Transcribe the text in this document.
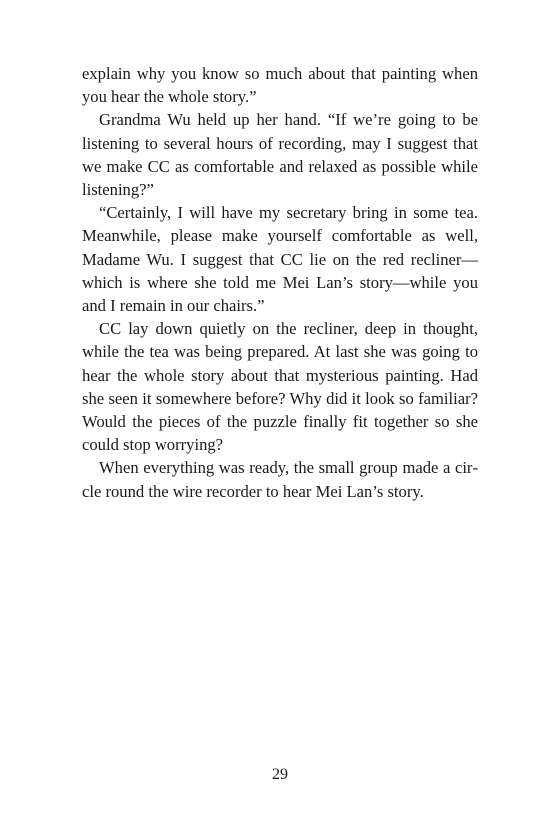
explain why you know so much about that painting when you hear the whole story.”

Grandma Wu held up her hand. “If we’re going to be listening to several hours of recording, may I suggest that we make CC as comfortable and relaxed as possible while listening?”

“Certainly, I will have my secretary bring in some tea. Meanwhile, please make yourself comfortable as well, Madame Wu. I suggest that CC lie on the red recliner—which is where she told me Mei Lan’s story—while you and I remain in our chairs.”

CC lay down quietly on the recliner, deep in thought, while the tea was being prepared. At last she was going to hear the whole story about that mysterious painting. Had she seen it somewhere before? Why did it look so familiar? Would the pieces of the puzzle finally fit together so she could stop worrying?

When everything was ready, the small group made a circle round the wire recorder to hear Mei Lan’s story.

29
